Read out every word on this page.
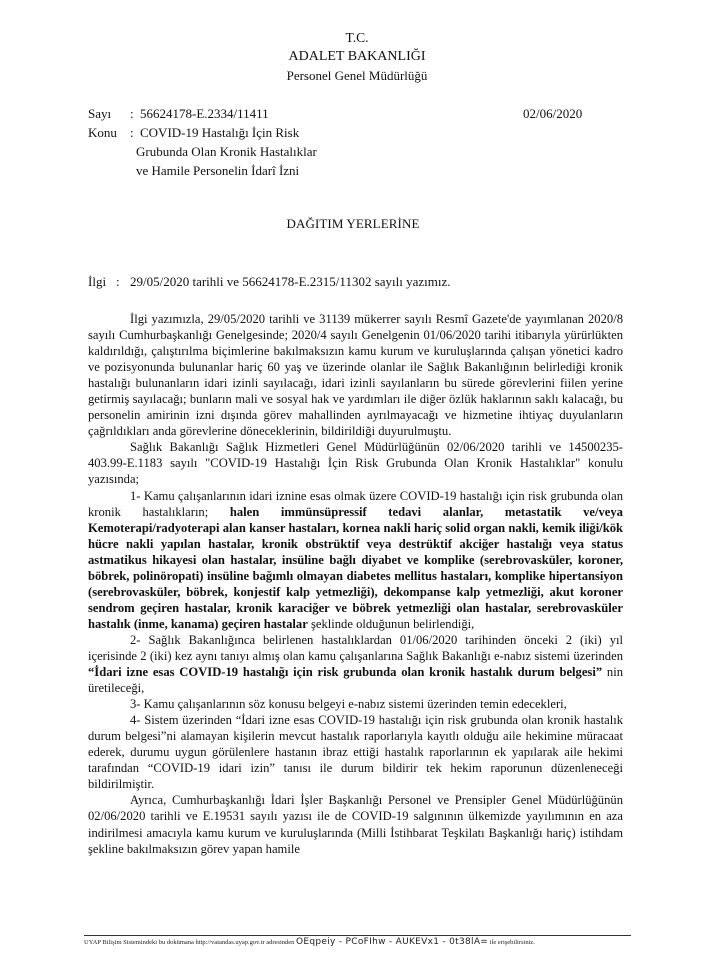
T.C.
ADALET BAKANLIĞI
Personel Genel Müdürlüğü
Sayı : 56624178-E.2334/11411	02/06/2020
Konu : COVID-19 Hastalığı İçin Risk
Grubunda Olan Kronik Hastalıklar
ve Hamile Personelin İdarî İzni
DAĞITIM YERLERİNE
İlgi : 29/05/2020 tarihli ve 56624178-E.2315/11302 sayılı yazımız.

İlgi yazımızla, 29/05/2020 tarihli ve 31139 mükerrer sayılı Resmî Gazete'de yayımlanan 2020/8 sayılı Cumhurbaşkanlığı Genelgesinde; 2020/4 sayılı Genelgenin 01/06/2020 tarihi itibarıyla yürürlükten kaldırıldığı, çalıştırılma biçimlerine bakılmaksızın kamu kurum ve kuruluşlarında çalışan yönetici kadro ve pozisyonunda bulunanlar hariç 60 yaş ve üzerinde olanlar ile Sağlık Bakanlığının belirlediği kronik hastalığı bulunanların idari izinli sayılacağı, idari izinli sayılanların bu sürede görevlerini fiilen yerine getirmiş sayılacağı; bunların mali ve sosyal hak ve yardımları ile diğer özlük haklarının saklı kalacağı, bu personelin amirinin izni dışında görev mahallinden ayrılmayacağı ve hizmetine ihtiyaç duyulanların çağrıldıkları anda görevlerine döneceklerinin, bildirildiği duyurulmuştu.

Sağlık Bakanlığı Sağlık Hizmetleri Genel Müdürlüğünün 02/06/2020 tarihli ve 14500235-403.99-E.1183 sayılı "COVID-19 Hastalığı İçin Risk Grubunda Olan Kronik Hastalıklar" konulu yazısında;

1- Kamu çalışanlarının idari iznine esas olmak üzere COVID-19 hastalığı için risk grubunda olan kronik hastalıkların; halen immünsüpressif tedavi alanlar, metastatik ve/veya Kemoterapi/radyoterapi alan kanser hastaları, kornea nakli hariç solid organ nakli, kemik iliği/kök hücre nakli yapılan hastalar, kronik obstrüktif veya destrüktif akciğer hastalığı veya status astmatikus hikayesi olan hastalar, insüline bağlı diyabet ve komplike (serebrovasküler, koroner, böbrek, polinöropati) insüline bağımlı olmayan diabetes mellitus hastaları, komplike hipertansiyon (serebrovasküler, böbrek, konjestif kalp yetmezliği), dekompanse kalp yetmezliği, akut koroner sendrom geçiren hastalar, kronik karaciğer ve böbrek yetmezliği olan hastalar, serebrovasküler hastalık (inme, kanama) geçiren hastalar şeklinde olduğunun belirlendiği,

2- Sağlık Bakanlığınca belirlenen hastalıklardan 01/06/2020 tarihinden önceki 2 (iki) yıl içerisinde 2 (iki) kez aynı tanıyı almış olan kamu çalışanlarına Sağlık Bakanlığı e-nabız sistemi üzerinden “İdari izne esas COVID-19 hastalığı için risk grubunda olan kronik hastalık durum belgesi” nin üretileceği,

3- Kamu çalışanlarının söz konusu belgeyi e-nabız sistemi üzerinden temin edecekleri,

4- Sistem üzerinden “İdari izne esas COVID-19 hastalığı için risk grubunda olan kronik hastalık durum belgesi”ni alamayan kişilerin mevcut hastalık raporlarıyla kayıtlı olduğu aile hekimine müracaat ederek, durumu uygun görülenlere hastanın ibraz ettiği hastalık raporlarının ek yapılarak aile hekimi tarafından “COVID-19 idari izin” tanısı ile durum bildirir tek hekim raporunun düzenleneceği bildirilmiştir.

Ayrıca, Cumhurbaşkanlığı İdari İşler Başkanlığı Personel ve Prensipler Genel Müdürlüğünün 02/06/2020 tarihli ve E.19531 sayılı yazısı ile de COVID-19 salgınının ülkemizde yayılımının en aza indirilmesi amacıyla kamu kurum ve kuruluşlarında (Milli İstihbarat Teşkilatı Başkanlığı hariç) istihdam şekline bakılmaksızın görev yapan hamile

UYAP Bilişim Sistemindeki bu dokümana http://vatandas.uyap.gov.tr adresinden OEqpeiy - PCoFIhw - AUKEVx1 - 0t38lA= ile erişebilirsiniz.
